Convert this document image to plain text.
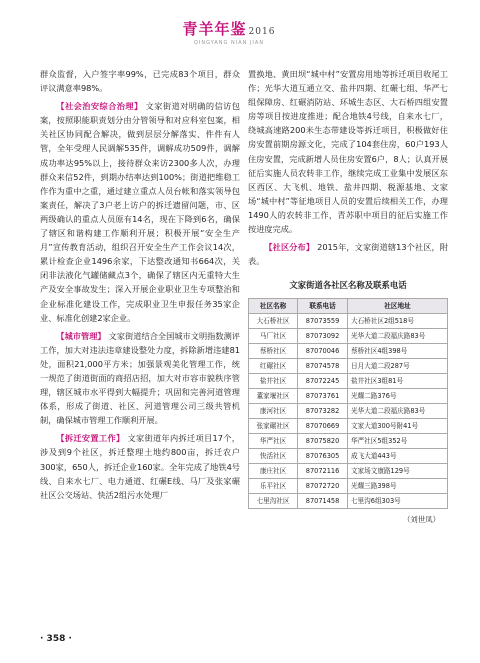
青羊年鉴 2016
QINGYANG NIAN JIAN

群众监督，入户签字率99%，已完成83个项目，群众评议满意率98%。

【社会治安综合治理】 文家街道对明确的信访包案，按照职能职责划分由分管领导和对应科室包案，相关社区协同配合解决，做到层层分解落实、件件有人管，全年受理人民调解535件，调解成功509件，调解成功率达95%以上，接待群众来访2300多人次，办理群众来信52件，到期办结率达到100%；街道把维稳工作作为重中之重，通过建立重点人员台帐和落实领导包案责任，解决了3户老上访户的拆迁遗留问题，市、区两级确认的重点人员原有14名，现在下降到6名，确保了辖区和谐构建工作顺利开展；积极开展“安全生产月”宣传教育活动，组织召开安全生产工作会议14次，累计检查企业1496余家，下达整改通知书664次，关闭非法液化气罐储藏点3个，确保了辖区内无重特大生产及安全事故发生；深入开展企业职业卫生专项整治和企业标准化建设工作，完成职业卫生申报任务35家企业、标准化创建2家企业。

【城市管理】 文家街道结合全国城市文明指数测评工作，加大对违法违章建设整处力度，拆除新增违建81处，面积21,000平方米；加强景观美化管理工作，统一规范了街道街面的商招店招，加大对市容市貌秩序管理，辖区城市水平得到大幅提升；巩固和完善河道管理体系，形成了街道、社区、河道管理公司三级共管机制，确保城市管理工作顺利开展。

【拆迁安置工作】 文家街道年内拆迁项目17个，涉及到9个社区，拆迁整理土地约800亩，拆迁农户300家，650人，拆迁企业160家。全年完成了地铁4号线、自来水七厂、电力通道、红碾E线、马厂及张家碾社区公交场站、快活2组污水处理厂

置换地、黄田坝“城中村”安置房用地等拆迁项目收尾工作；光华大道互通立交、盐井四期、红碾七组、华严七组保障房、红碾消防站、环城生态区、大石桥四组安置房等项目按进度推进；配合地铁4号线，自来水七厂，绕城高速路200米生态带建设等拆迁项目，积极做好住房安置前期房源文化，完成了104套住房，60户193人住房安置，完成新增人员住房安置6户，8人；认真开展征后实施人员农转非工作，继续完成工业集中发展区东区西区、大飞机、地铁、盐井四期、税源基地、文家场“城中村”等征地项目人员的安置后续相关工作，办理1490人的农转非工作，青苏职中项目的征后实施工作按进度完成。

【社区分布】 2015年，文家街道辖13个社区，附表。

文家街道各社区名称及联系电话
社区名称	联系电话	社区地址
大石桥社区	87073559	大石桥社区2组518号
马厂社区	87073092	光华大道二段福庆路83号
蔡桥社区	87070046	蔡桥社区4组398号
红碾社区	87074578	日月大道二段287号
盐井社区	87072245	盐井社区3组81号
董家堰社区	87073761	光耀二路376号
康河社区	87073282	光华大道二段福庆路83号
张家碾社区	87070669	文家大道300号附41号
华严社区	87075820	华严社区5组352号
快活社区	87076305	成飞大道443号
康庄社区	87072116	文家场文康路129号
乐平社区	87072720	光耀三路398号
七里沟社区	87071458	七里沟6组303号
（刘世凤）
· 358 ·
